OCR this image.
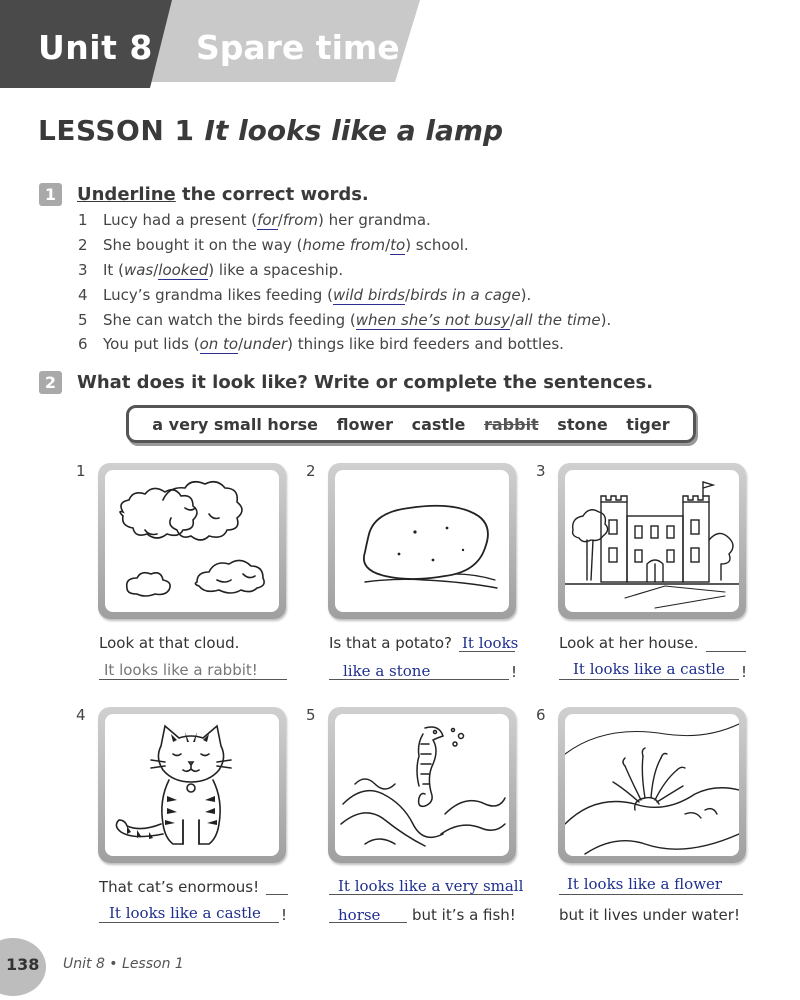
Unit 8 Spare time
LESSON 1 It looks like a lamp
1	Underline the correct words.
1 Lucy had a present (for/from) her grandma.
2 She bought it on the way (home from/to) school.
3 It (was/looked) like a spaceship.
4 Lucy’s grandma likes feeding (wild birds/birds in a cage).
5 She can watch the birds feeding (when she’s not busy/all the time).
6 You put lids (on to/under) things like bird feeders and bottles.
2	What does it look like? Write or complete the sentences.
a very small horse flower castle rabbit stone tiger
1	2	3
Look at that cloud.
It looks like a rabbit!
Is that a potato? It looks
like a stone	!
Look at her house.
It looks like a castle !
4	5	6
That cat’s enormous!
It looks like a castle !
It looks like a very small
horse but it’s a fish!
It looks like a flower
but it lives under water!
138 Unit 8 • Lesson 1
